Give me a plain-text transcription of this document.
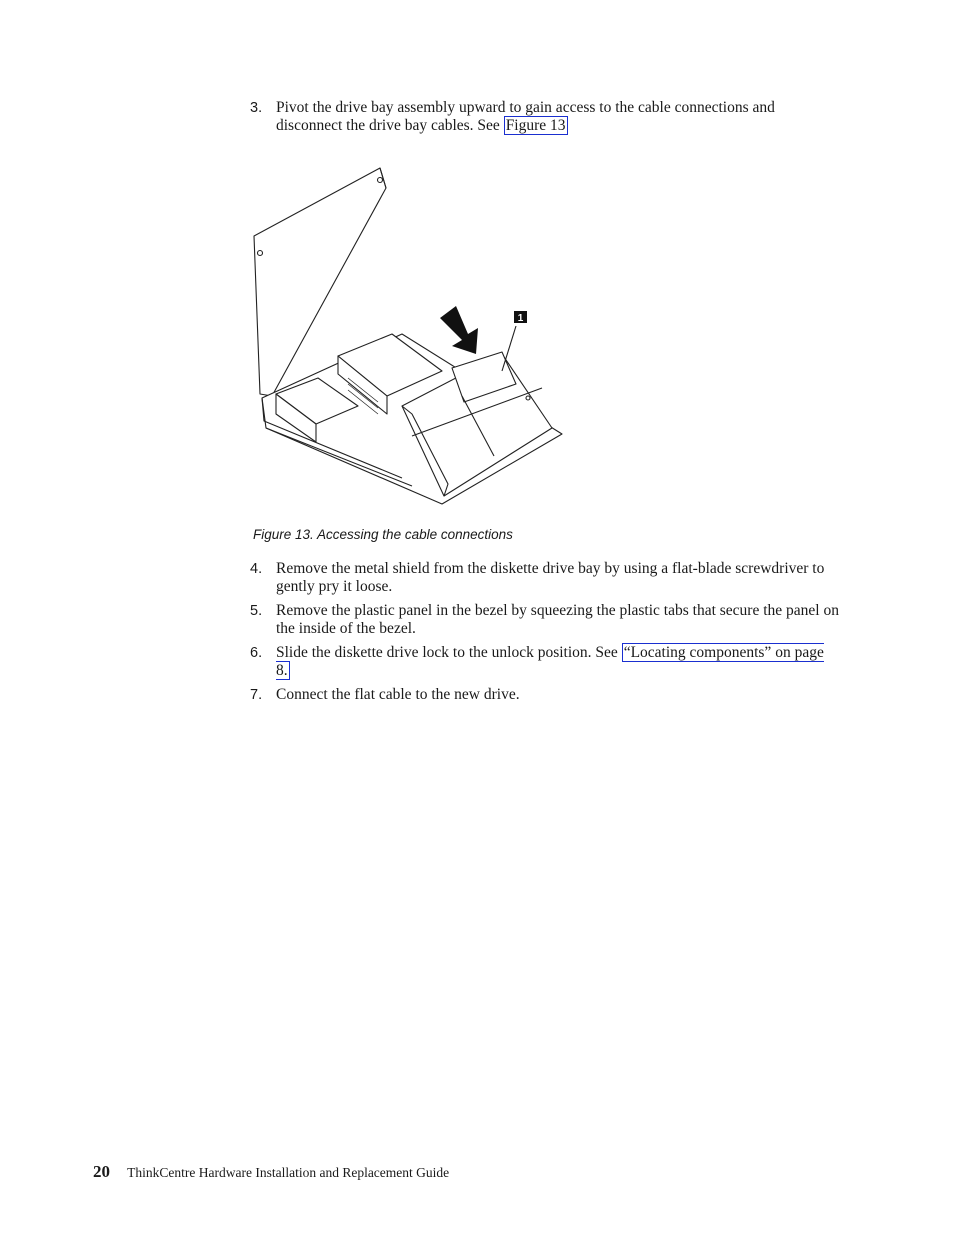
3. Pivot the drive bay assembly upward to gain access to the cable connections and disconnect the drive bay cables. See Figure 13
1
Figure 13. Accessing the cable connections
4. Remove the metal shield from the diskette drive bay by using a flat-blade screwdriver to gently pry it loose.
5. Remove the plastic panel in the bezel by squeezing the plastic tabs that secure the panel on the inside of the bezel.
6. Slide the diskette drive lock to the unlock position. See “Locating components” on page 8.
7. Connect the flat cable to the new drive.
20 ThinkCentre Hardware Installation and Replacement Guide
